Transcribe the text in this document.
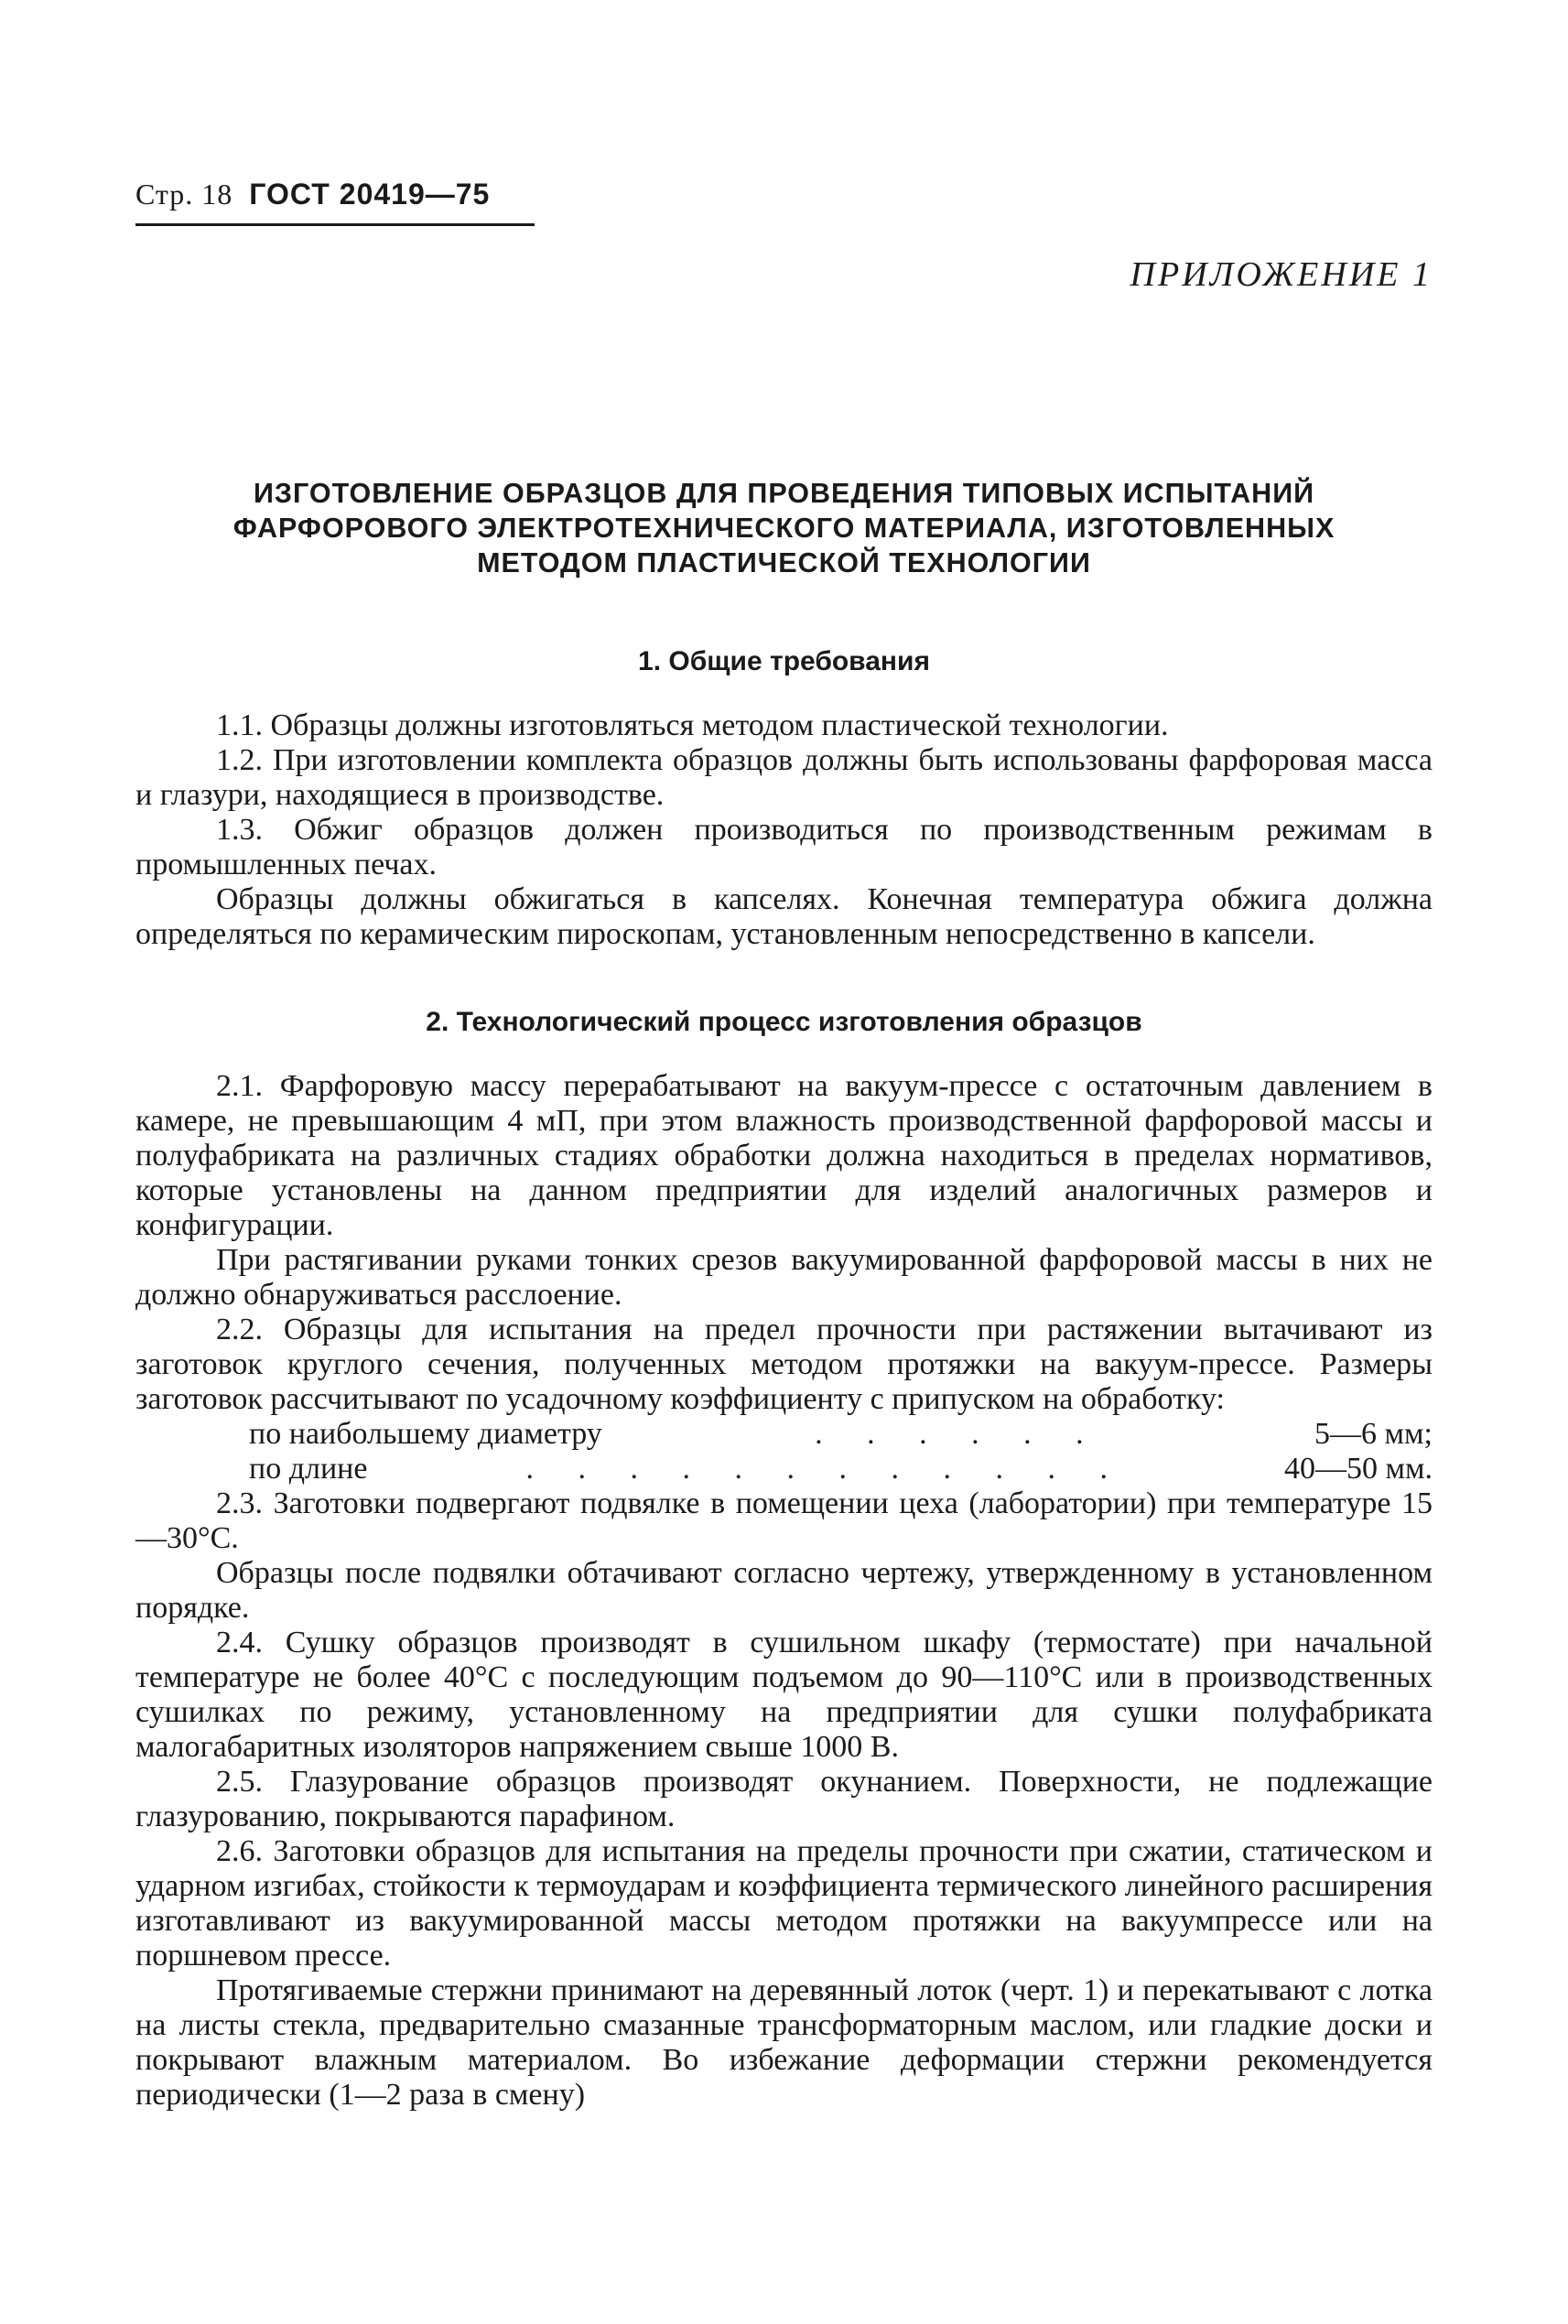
Стр. 18 ГОСТ 20419—75
ПРИЛОЖЕНИЕ 1
ИЗГОТОВЛЕНИЕ ОБРАЗЦОВ ДЛЯ ПРОВЕДЕНИЯ ТИПОВЫХ ИСПЫТАНИЙ
ФАРФОРОВОГО ЭЛЕКТРОТЕХНИЧЕСКОГО МАТЕРИАЛА, ИЗГОТОВЛЕННЫХ
МЕТОДОМ ПЛАСТИЧЕСКОЙ ТЕХНОЛОГИИ
1. Общие требования

1.1. Образцы должны изготовляться методом пластической технологии.

1.2. При изготовлении комплекта образцов должны быть использованы фарфоровая масса и глазури, находящиеся в производстве.

1.3. Обжиг образцов должен производиться по производственным режимам в промышленных печах.

Образцы должны обжигаться в капселях. Конечная температура обжига должна определяться по керамическим пироскопам, установленным непосредственно в капсели.

2. Технологический процесс изготовления образцов

2.1. Фарфоровую массу перерабатывают на вакуум-прессе с остаточным давлением в камере, не превышающим 4 мП, при этом влажность производственной фарфоровой массы и полуфабриката на различных стадиях обработки должна находиться в пределах нормативов, которые установлены на данном предприятии для изделий аналогичных размеров и конфигурации.

При растягивании руками тонких срезов вакуумированной фарфоровой массы в них не должно обнаруживаться расслоение.

2.2. Образцы для испытания на предел прочности при растяжении вытачивают из заготовок круглого сечения, полученных методом протяжки на вакуум-прессе. Размеры заготовок рассчитывают по усадочному коэффициенту с припуском на обработку:

по наибольшему диаметру	. . . . . .	5—6 мм;
по длине	. . . . . . . . . . . .	40—50 мм.

2.3. Заготовки подвергают подвялке в помещении цеха (лаборатории) при температуре 15—30°С.

Образцы после подвялки обтачивают согласно чертежу, утвержденному в установленном порядке.

2.4. Сушку образцов производят в сушильном шкафу (термостате) при начальной температуре не более 40°С с последующим подъемом до 90—110°С или в производственных сушилках по режиму, установленному на предприятии для сушки полуфабриката малогабаритных изоляторов напряжением свыше 1000 В.

2.5. Глазурование образцов производят окунанием. Поверхности, не подлежащие глазурованию, покрываются парафином.

2.6. Заготовки образцов для испытания на пределы прочности при сжатии, статическом и ударном изгибах, стойкости к термоударам и коэффициента термического линейного расширения изготавливают из вакуумированной массы методом протяжки на вакуумпрессе или на поршневом прессе.

Протягиваемые стержни принимают на деревянный лоток (черт. 1) и перекатывают с лотка на листы стекла, предварительно смазанные трансформаторным маслом, или гладкие доски и покрывают влажным материалом. Во избежание деформации стержни рекомендуется периодически (1—2 раза в смену)
